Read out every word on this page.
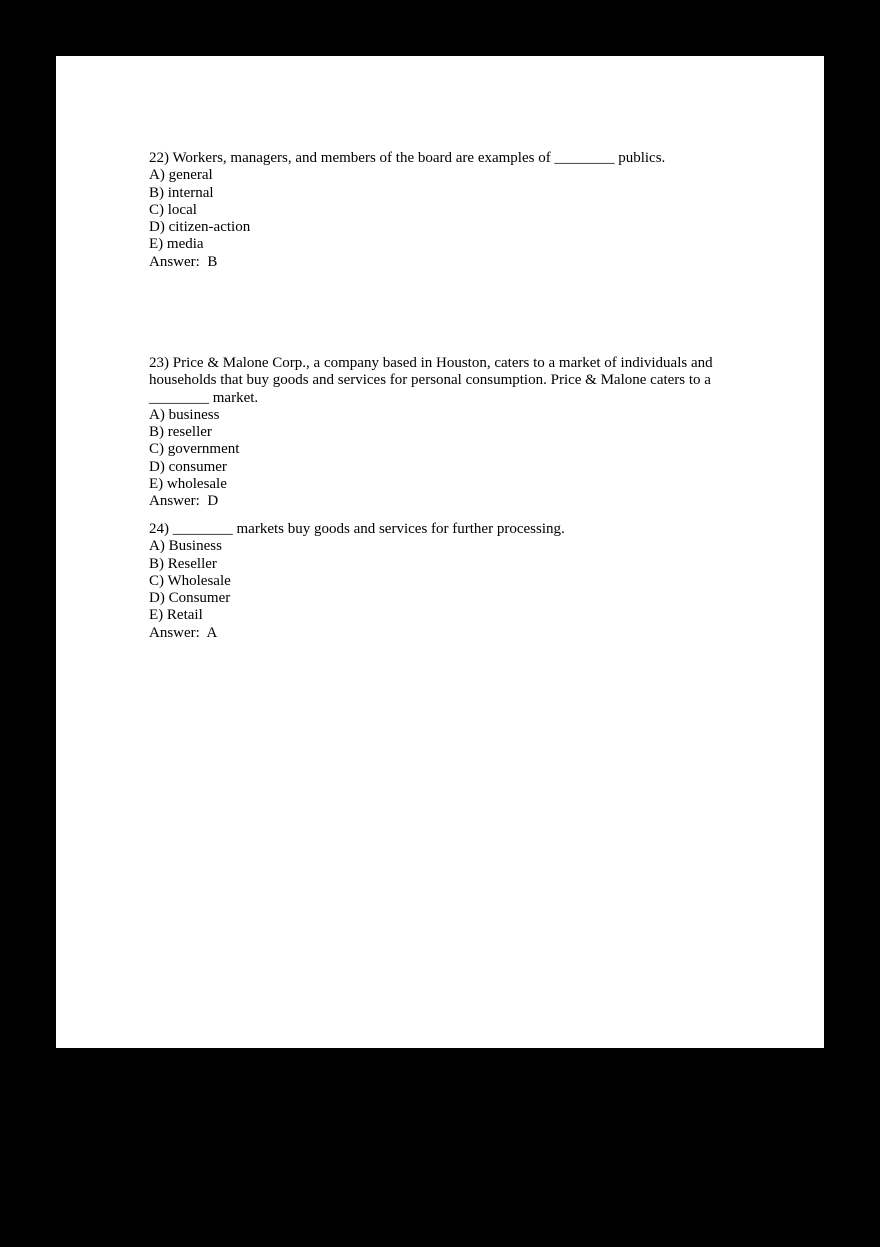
22) Workers, managers, and members of the board are examples of ________ publics.
A) general
B) internal
C) local
D) citizen-action
E) media
Answer:  B
23) Price & Malone Corp., a company based in Houston, caters to a market of individuals and
households that buy goods and services for personal consumption. Price & Malone caters to a
________ market.
A) business
B) reseller
C) government
D) consumer
E) wholesale
Answer:  D
24) ________ markets buy goods and services for further processing.
A) Business
B) Reseller
C) Wholesale
D) Consumer
E) Retail
Answer:  A
